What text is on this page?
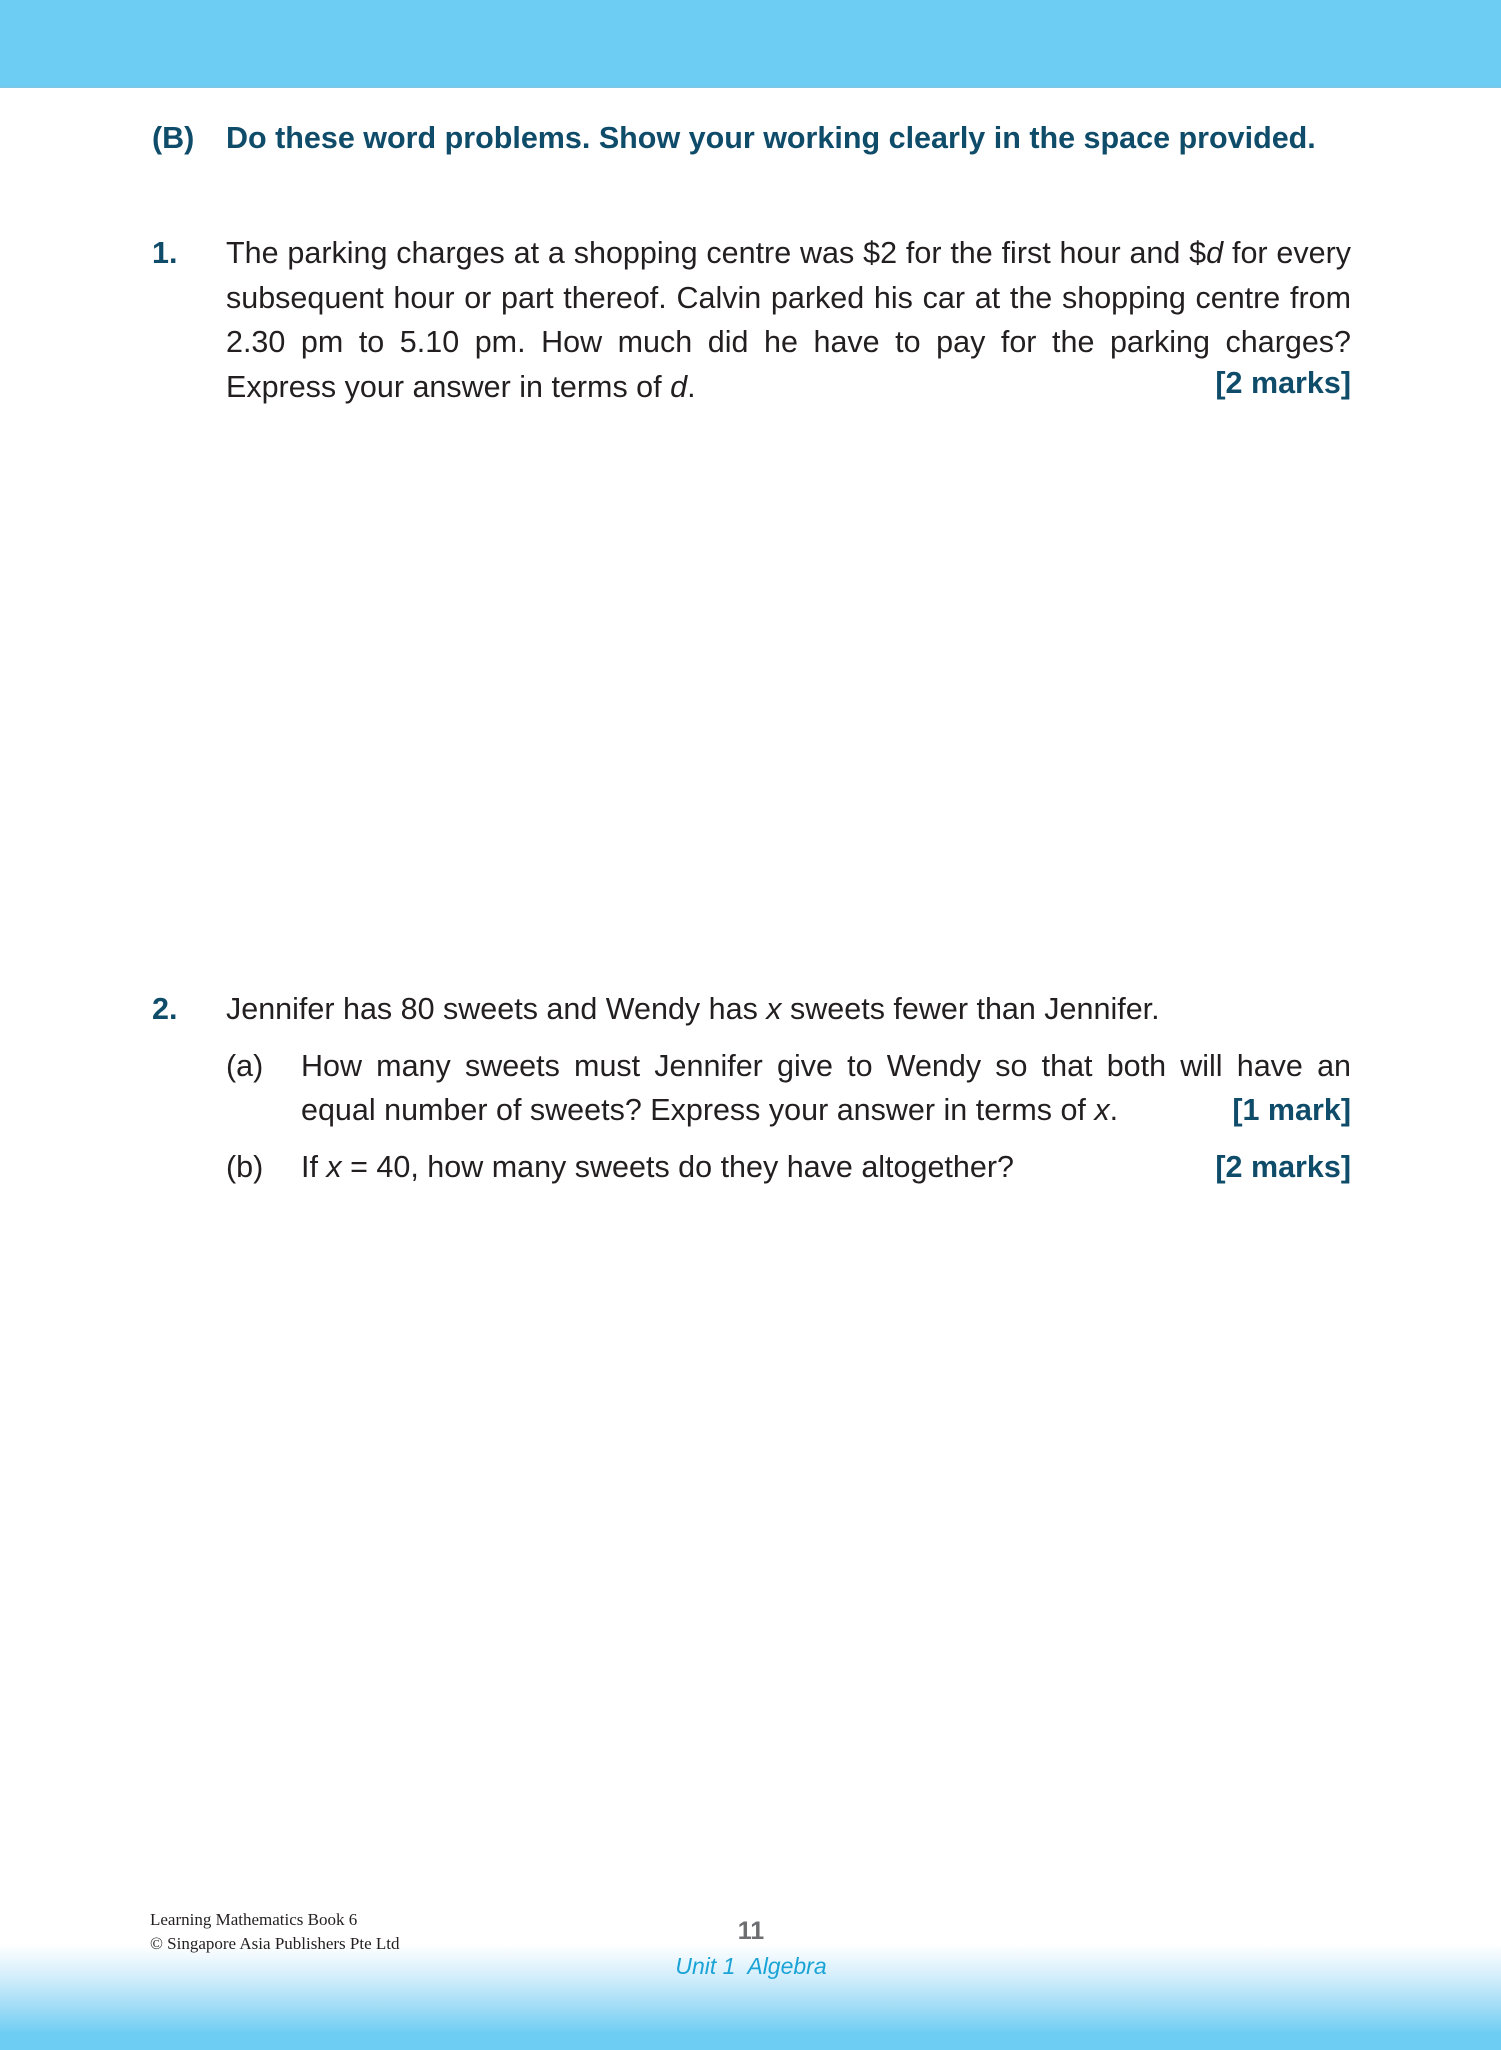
(B)	Do these word problems. Show your working clearly in the space provided.
1.	The parking charges at a shopping centre was $2 for the first hour and $d for every subsequent hour or part thereof. Calvin parked his car at the shopping centre from 2.30 pm to 5.10 pm. How much did he have to pay for the parking charges? Express your answer in terms of d.	[2 marks]
2.	Jennifer has 80 sweets and Wendy has x sweets fewer than Jennifer.
(a)	How many sweets must Jennifer give to Wendy so that both will have an
equal number of sweets? Express your answer in terms of x.	[1 mark]
(b)	If x = 40, how many sweets do they have altogether?	[2 marks]
Learning Mathematics Book 6
© Singapore Asia Publishers Pte Ltd	11
Unit 1  Algebra
